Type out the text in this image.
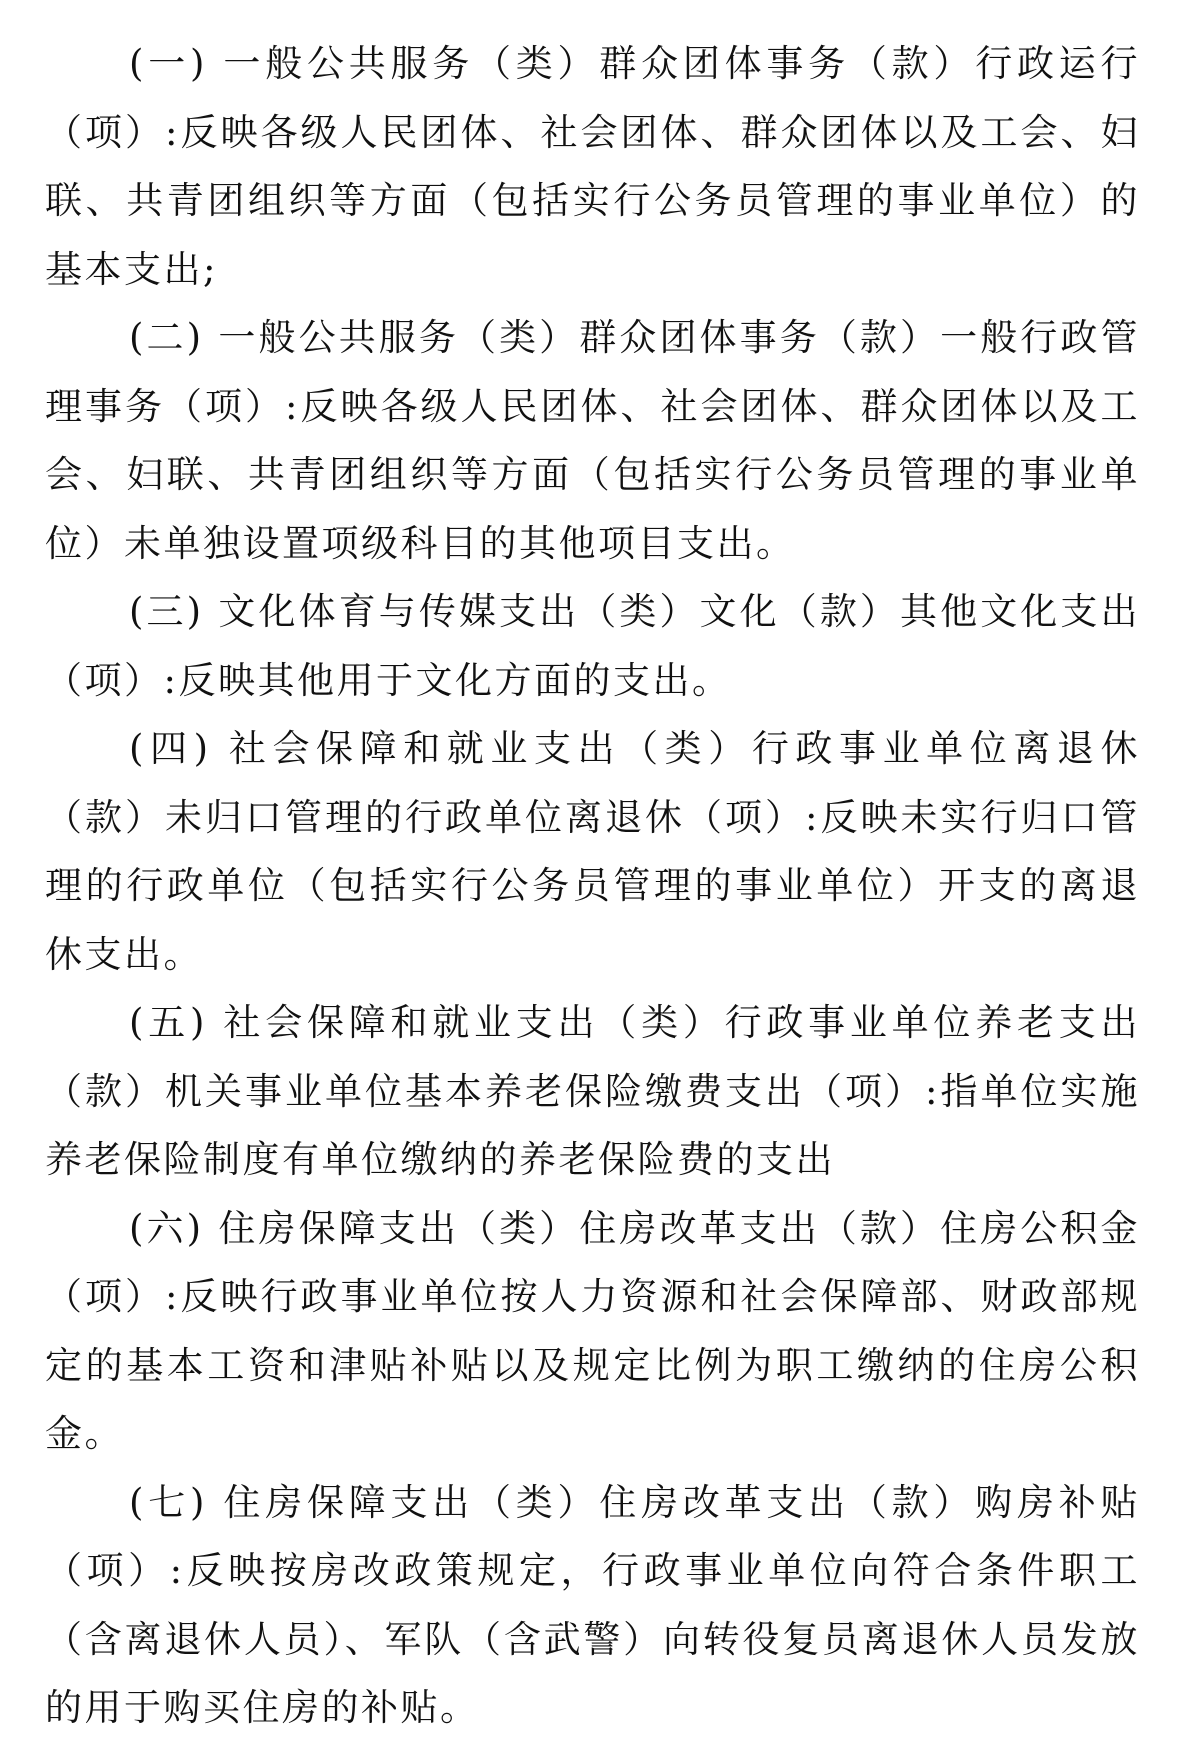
(一) 一般公共服务（类）群众团体事务（款）行政运行（项）:反映各级人民团体、社会团体、群众团体以及工会、妇联、共青团组织等方面（包括实行公务员管理的事业单位）的基本支出;

(二) 一般公共服务（类）群众团体事务（款）一般行政管理事务（项）:反映各级人民团体、社会团体、群众团体以及工会、妇联、共青团组织等方面（包括实行公务员管理的事业单位）未单独设置项级科目的其他项目支出。

(三) 文化体育与传媒支出（类）文化（款）其他文化支出（项）:反映其他用于文化方面的支出。

(四) 社会保障和就业支出（类）行政事业单位离退休（款）未归口管理的行政单位离退休（项）:反映未实行归口管理的行政单位（包括实行公务员管理的事业单位）开支的离退休支出。

(五) 社会保障和就业支出（类）行政事业单位养老支出（款）机关事业单位基本养老保险缴费支出（项）:指单位实施养老保险制度有单位缴纳的养老保险费的支出

(六) 住房保障支出（类）住房改革支出（款）住房公积金（项）:反映行政事业单位按人力资源和社会保障部、财政部规定的基本工资和津贴补贴以及规定比例为职工缴纳的住房公积金。

(七) 住房保障支出（类）住房改革支出（款）购房补贴（项）:反映按房改政策规定，行政事业单位向符合条件职工（含离退休人员）、军队（含武警）向转役复员离退休人员发放的用于购买住房的补贴。
